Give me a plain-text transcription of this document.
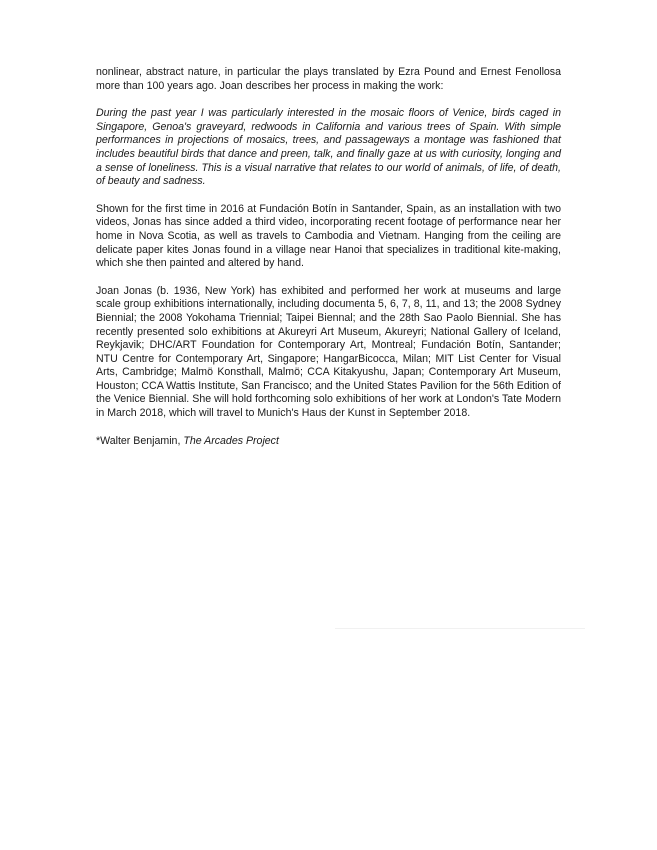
nonlinear, abstract nature, in particular the plays translated by Ezra Pound and Ernest Fenollosa more than 100 years ago. Joan describes her process in making the work:

During the past year I was particularly interested in the mosaic floors of Venice, birds caged in Singapore, Genoa's graveyard, redwoods in California and various trees of Spain. With simple performances in projections of mosaics, trees, and passageways a montage was fashioned that includes beautiful birds that dance and preen, talk, and finally gaze at us with curiosity, longing and a sense of loneliness. This is a visual narrative that relates to our world of animals, of life, of death, of beauty and sadness.

Shown for the first time in 2016 at Fundación Botín in Santander, Spain, as an installation with two videos, Jonas has since added a third video, incorporating recent footage of performance near her home in Nova Scotia, as well as travels to Cambodia and Vietnam. Hanging from the ceiling are delicate paper kites Jonas found in a village near Hanoi that specializes in traditional kite-making, which she then painted and altered by hand.

Joan Jonas (b. 1936, New York) has exhibited and performed her work at museums and large scale group exhibitions internationally, including documenta 5, 6, 7, 8, 11, and 13; the 2008 Sydney Biennial; the 2008 Yokohama Triennial; Taipei Biennal; and the 28th Sao Paolo Biennial. She has recently presented solo exhibitions at Akureyri Art Museum, Akureyri; National Gallery of Iceland, Reykjavik; DHC/ART Foundation for Contemporary Art, Montreal; Fundación Botín, Santander; NTU Centre for Contemporary Art, Singapore; HangarBicocca, Milan; MIT List Center for Visual Arts, Cambridge; Malmö Konsthall, Malmö; CCA Kitakyushu, Japan; Contemporary Art Museum, Houston; CCA Wattis Institute, San Francisco; and the United States Pavilion for the 56th Edition of the Venice Biennial. She will hold forthcoming solo exhibitions of her work at London's Tate Modern in March 2018, which will travel to Munich's Haus der Kunst in September 2018.

*Walter Benjamin, The Arcades Project
